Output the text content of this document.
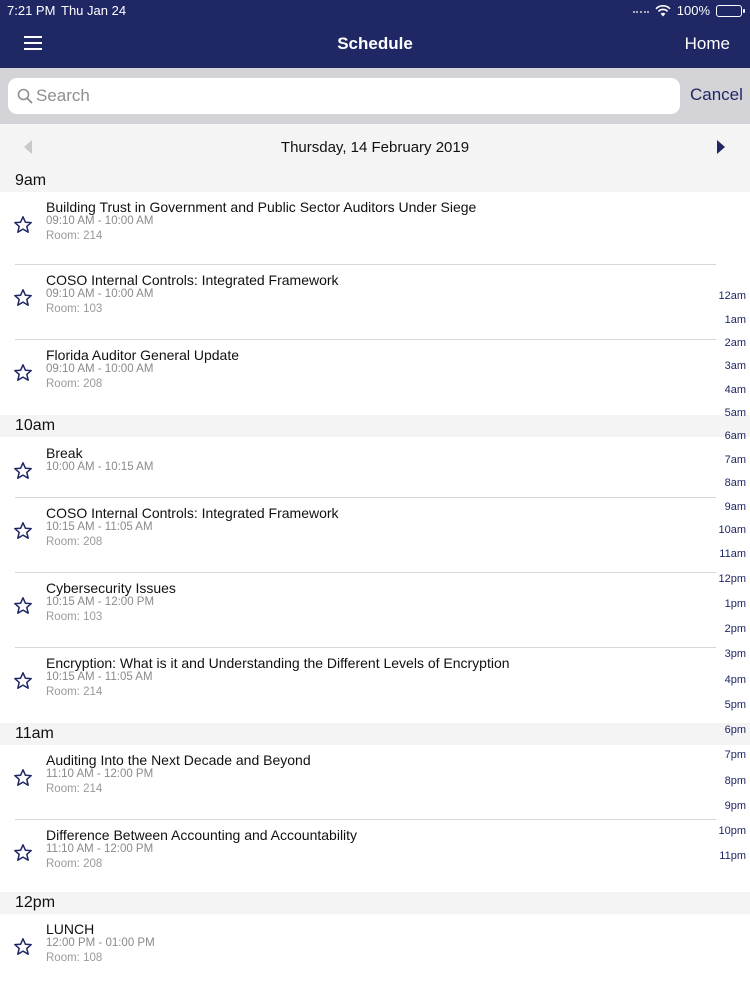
7:21 PM Thu Jan 24	100%
Schedule	Home
Search
Cancel
Thursday, 14 February 2019
9am
Building Trust in Government and Public Sector Auditors Under Siege
09:10 AM - 10:00 AM
Room: 214
COSO Internal Controls: Integrated Framework
09:10 AM - 10:00 AM
Room: 103
Florida Auditor General Update
09:10 AM - 10:00 AM
Room: 208
10am
Break
10:00 AM - 10:15 AM
COSO Internal Controls: Integrated Framework
10:15 AM - 11:05 AM
Room: 208
Cybersecurity Issues
10:15 AM - 12:00 PM
Room: 103
Encryption: What is it and Understanding the Different Levels of Encryption
10:15 AM - 11:05 AM
Room: 214
11am
Auditing Into the Next Decade and Beyond
11:10 AM - 12:00 PM
Room: 214
Difference Between Accounting and Accountability
11:10 AM - 12:00 PM
Room: 208
12pm
LUNCH
12:00 PM - 01:00 PM
Room: 108
12am
1am
2am
3am
4am
5am
6am
7am
8am
9am
10am
11am
12pm
1pm
2pm
3pm
4pm
5pm
6pm
7pm
8pm
9pm
10pm
11pm
